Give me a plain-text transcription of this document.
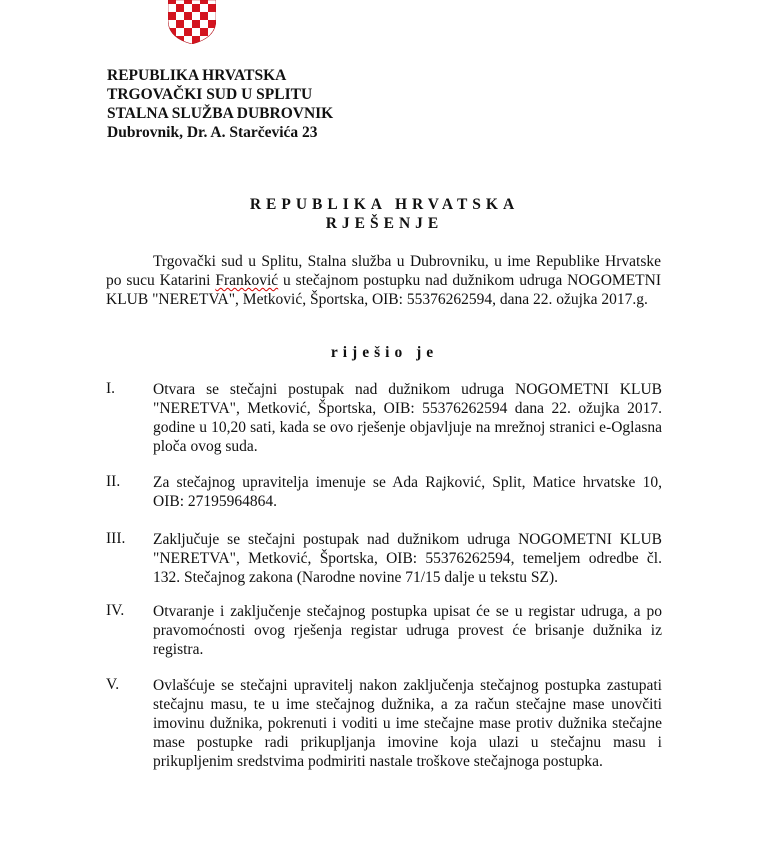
REPUBLIKA HRVATSKA
TRGOVAČKI SUD U SPLITU
STALNA SLUŽBA DUBROVNIK
Dubrovnik, Dr. A. Starčevića 23
REPUBLIKA HRVATSKA
RJEŠENJE
Trgovački sud u Splitu, Stalna služba u Dubrovniku, u ime Republike Hrvatske po sucu Katarini Franković u stečajnom postupku nad dužnikom udruga NOGOMETNI KLUB "NERETVA", Metković, Športska, OIB: 55376262594, dana 22. ožujka 2017.g.
riješio je
I.	Otvara se stečajni postupak nad dužnikom udruga NOGOMETNI KLUB "NERETVA", Metković, Športska, OIB: 55376262594 dana 22. ožujka 2017. godine u 10,20 sati, kada se ovo rješenje objavljuje na mrežnoj stranici e-Oglasna ploča ovog suda.
II.	Za stečajnog upravitelja imenuje se Ada Rajković, Split, Matice hrvatske 10, OIB: 27195964864.
III.	Zaključuje se stečajni postupak nad dužnikom udruga NOGOMETNI KLUB "NERETVA", Metković, Športska, OIB: 55376262594, temeljem odredbe čl. 132. Stečajnog zakona (Narodne novine 71/15 dalje u tekstu SZ).
IV.	Otvaranje i zaključenje stečajnog postupka upisat će se u registar udruga, a po pravomoćnosti ovog rješenja registar udruga provest će brisanje dužnika iz registra.
V.	Ovlašćuje se stečajni upravitelj nakon zaključenja stečajnog postupka zastupati stečajnu masu, te u ime stečajnog dužnika, a za račun stečajne mase unovčiti imovinu dužnika, pokrenuti i voditi u ime stečajne mase protiv dužnika stečajne mase postupke radi prikupljanja imovine koja ulazi u stečajnu masu i prikupljenim sredstvima podmiriti nastale troškove stečajnoga postupka.
